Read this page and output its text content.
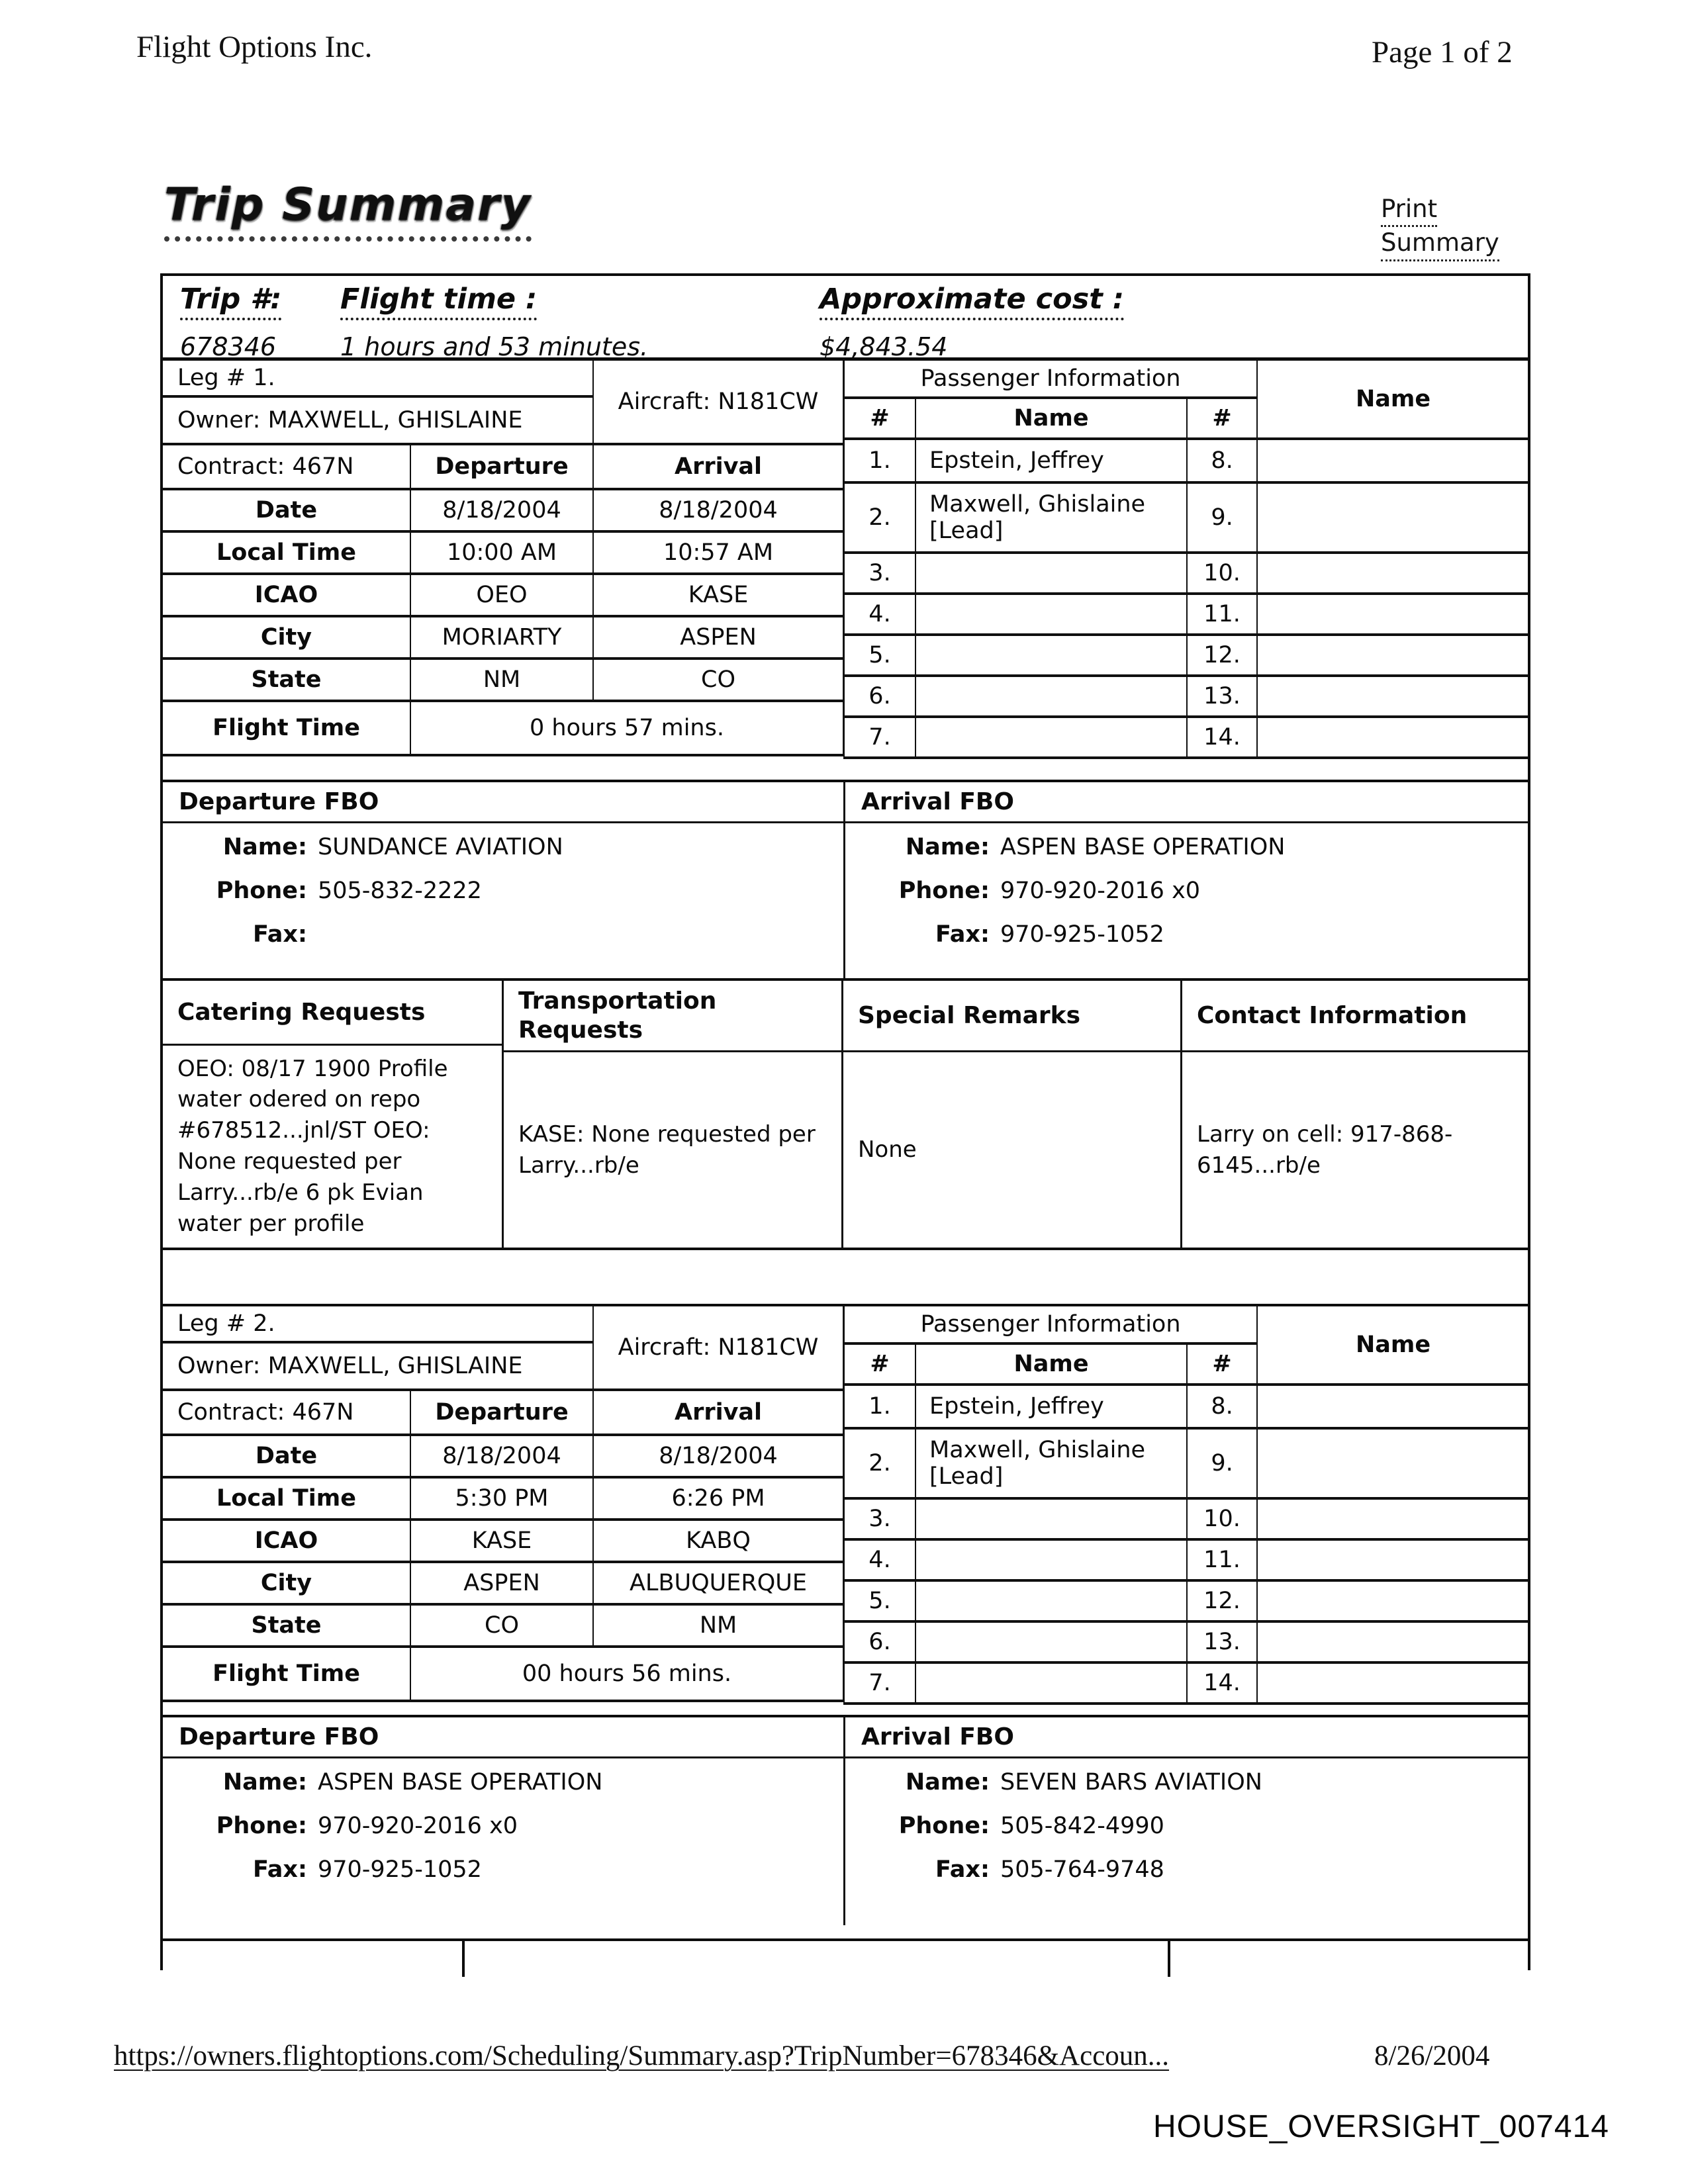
Flight Options Inc.	Page 1 of 2
Trip Summary	Print
Summary
Trip #:
678346
Flight time :
1 hours and 53 minutes.
Approximate cost :
$4,843.54
Leg # 1.		Aircraft: N181CW
Owner: MAXWELL, GHISLAINE		
Contract: 467N	Departure	Arrival
Date	8/18/2004	8/18/2004
Local Time	10:00 AM	10:57 AM
ICAO	OEO	KASE
City	MORIARTY	ASPEN
State	NM	CO
Flight Time	0 hours 57 mins.	
Passenger Information			Name
#	Name	#	
1.	Epstein, Jeffrey	8.	
2.	Maxwell, Ghislaine [Lead]	9.	
3.		10.	
4.		11.	
5.		12.	
6.		13.	
7.		14.	
Departure FBO
Name: SUNDANCE AVIATION
Phone: 505-832-2222
Fax:
Arrival FBO
Name: ASPEN BASE OPERATION
Phone: 970-920-2016 x0
Fax: 970-925-1052
Catering Requests
OEO: 08/17 1900 Profile water odered on repo #678512...jnl/ST OEO: None requested per Larry...rb/e 6 pk Evian water per profile
Transportation Requests
KASE: None requested per Larry...rb/e
Special Remarks
None
Contact Information
Larry on cell: 917-868-6145...rb/e
Leg # 2.		Aircraft: N181CW
Owner: MAXWELL, GHISLAINE		
Contract: 467N	Departure	Arrival
Date	8/18/2004	8/18/2004
Local Time	5:30 PM	6:26 PM
ICAO	KASE	KABQ
City	ASPEN	ALBUQUERQUE
State	CO	NM
Flight Time	00 hours 56 mins.	
Passenger Information			Name
#	Name	#	
1.	Epstein, Jeffrey	8.	
2.	Maxwell, Ghislaine [Lead]	9.	
3.		10.	
4.		11.	
5.		12.	
6.		13.	
7.		14.	
Departure FBO
Name: ASPEN BASE OPERATION
Phone: 970-920-2016 x0
Fax: 970-925-1052
Arrival FBO
Name: SEVEN BARS AVIATION
Phone: 505-842-4990
Fax: 505-764-9748
https://owners.flightoptions.com/Scheduling/Summary.asp?TripNumber=678346&Accoun...	8/26/2004
HOUSE_OVERSIGHT_007414
